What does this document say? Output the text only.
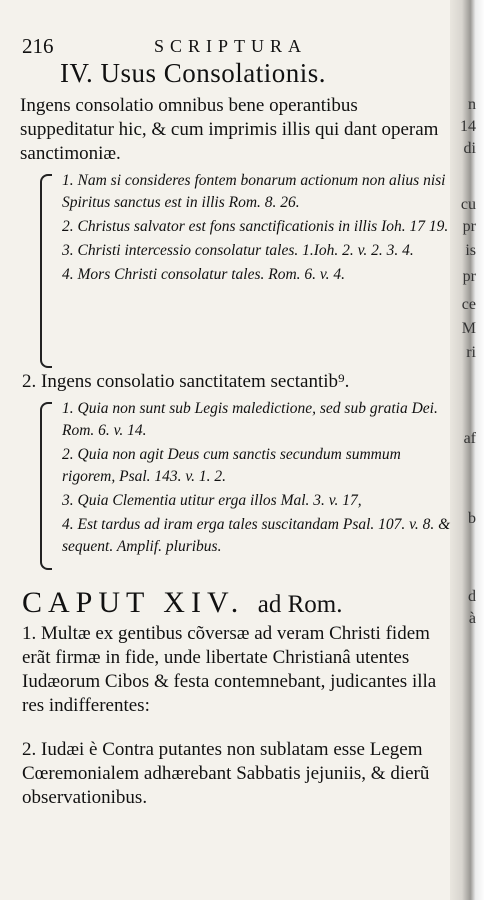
n
14
di
cu
pr
is
pr
ce
M
ri
af
b
d
à
216	SCRIPTURA
IV. Usus Consolationis.
Ingens consolatio omnibus bene operantibus suppeditatur hic, & cum imprimis illis qui dant operam sanctimoniæ.
1. Nam si consideres fontem bonarum actionum non alius nisi Spiritus sanctus est in illis Rom. 8. 26.
2. Christus salvator est fons sanctificationis in illis Ioh. 17 19.
3. Christi intercessio consolatur tales. 1.Ioh. 2. v. 2. 3. 4.
4. Mors Christi consolatur tales. Rom. 6. v. 4.
2. Ingens consolatio sanctitatem sectantib⁹.
1. Quia non sunt sub Legis maledictione, sed sub gratia Dei. Rom. 6. v. 14.
2. Quia non agit Deus cum sanctis secundum summum rigorem, Psal. 143. v. 1. 2.
3. Quia Clementia utitur erga illos Mal. 3. v. 17,
4. Est tardus ad iram erga tales suscitandam Psal. 107. v. 8. & sequent. Amplif. pluribus.
CAPUT XIV. ad Rom.
1. Multæ ex gentibus cõversæ ad veram Christi fidem erãt firmæ in fide, unde libertate Christianâ utentes Iudæorum Cibos & festa contemnebant, judicantes illa res indifferentes:
2. Iudæi è Contra putantes non sublatam esse Legem Cœremonialem adhærebant Sabbatis jejuniis, & dierũ observationibus.
